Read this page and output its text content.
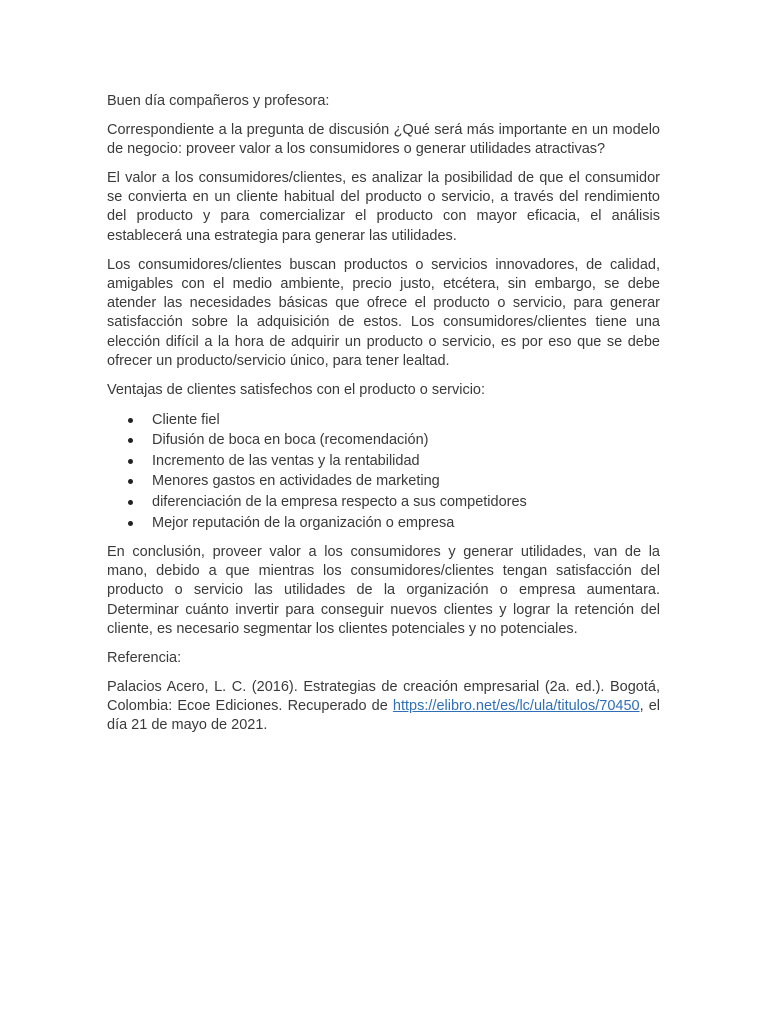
Buen día compañeros y profesora:

Correspondiente a la pregunta de discusión ¿Qué será más importante en un modelo de negocio: proveer valor a los consumidores o generar utilidades atractivas?

El valor a los consumidores/clientes, es analizar la posibilidad de que el consumidor se convierta en un cliente habitual del producto o servicio, a través del rendimiento del producto y para comercializar el producto con mayor eficacia, el análisis establecerá una estrategia para generar las utilidades.

Los consumidores/clientes buscan productos o servicios innovadores, de calidad, amigables con el medio ambiente, precio justo, etcétera, sin embargo, se debe atender las necesidades básicas que ofrece el producto o servicio, para generar satisfacción sobre la adquisición de estos. Los consumidores/clientes tiene una elección difícil a la hora de adquirir un producto o servicio, es por eso que se debe ofrecer un producto/servicio único, para tener lealtad.

Ventajas de clientes satisfechos con el producto o servicio:

Cliente fiel
Difusión de boca en boca (recomendación)
Incremento de las ventas y la rentabilidad
Menores gastos en actividades de marketing
diferenciación de la empresa respecto a sus competidores
Mejor reputación de la organización o empresa

En conclusión, proveer valor a los consumidores y generar utilidades, van de la mano, debido a que mientras los consumidores/clientes tengan satisfacción del producto o servicio las utilidades de la organización o empresa aumentara. Determinar cuánto invertir para conseguir nuevos clientes y lograr la retención del cliente, es necesario segmentar los clientes potenciales y no potenciales.

Referencia:

Palacios Acero, L. C. (2016). Estrategias de creación empresarial (2a. ed.). Bogotá, Colombia: Ecoe Ediciones. Recuperado de https://elibro.net/es/lc/ula/titulos/70450, el día 21 de mayo de 2021.
